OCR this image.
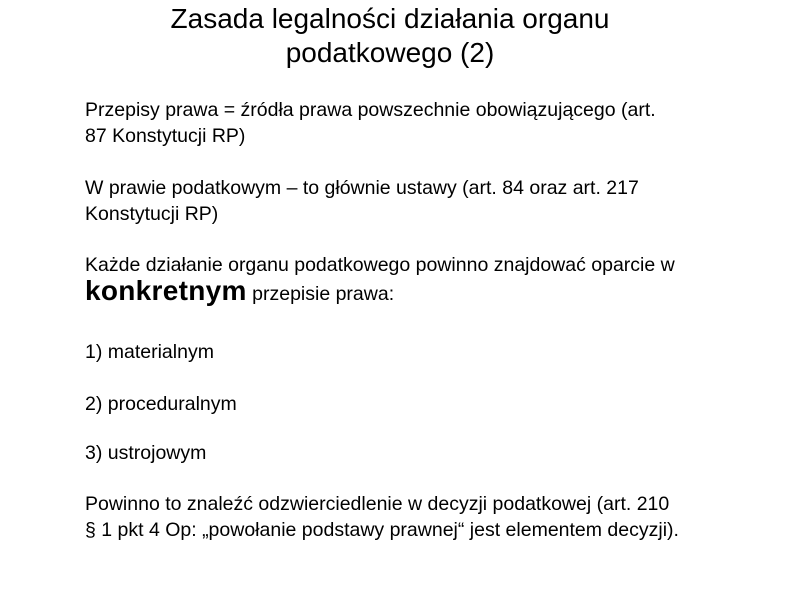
Zasada legalności działania organu
podatkowego (2)
Przepisy prawa = źródła prawa powszechnie obowiązującego (art.
87 Konstytucji RP)
W prawie podatkowym – to głównie ustawy (art. 84 oraz art. 217
Konstytucji RP)
Każde działanie organu podatkowego powinno znajdować oparcie w
konkretnym przepisie prawa:
1) materialnym
2) proceduralnym
3) ustrojowym
Powinno to znaleźć odzwierciedlenie w decyzji podatkowej (art. 210
§ 1 pkt 4 Op: „powołanie podstawy prawnej“ jest elementem decyzji).
